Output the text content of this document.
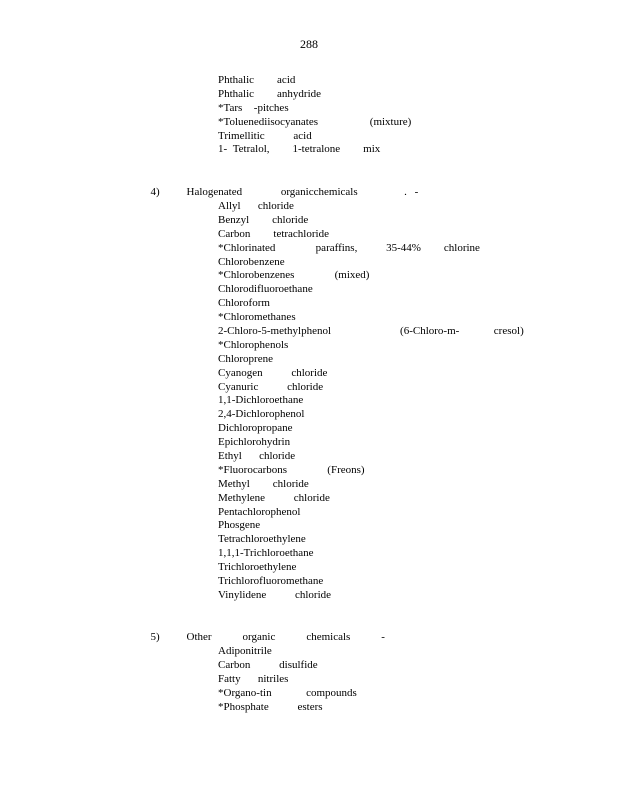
288
Phthalic    acid
Phthalic    anhydride
*Tars  -pitches
*Toluenediisocyanates         (mixture)
Trimellitic     acid
1- Tetralol,    1-tetralone    mix

4) Halogenated     organicchemicals      . -

Allyl   chloride
Benzyl    chloride
Carbon    tetrachloride
*Chlorinated       paraffins,     35-44%    chlorine
Chlorobenzene
*Chlorobenzenes       (mixed)
Chlorodifluoroethane
Chloroform
*Chloromethanes
2-Chloro-5-methylphenol            (6-Chloro-m-      cresol)
*Chlorophenols
Chloroprene
Cyanogen     chloride
Cyanuric     chloride
1,1-Dichloroethane
2,4-Dichlorophenol
Dichloropropane
Epichlorohydrin
Ethyl   chloride
*Fluorocarbons       (Freons)
Methyl    chloride
Methylene     chloride
Pentachlorophenol
Phosgene
Tetrachloroethylene
1,1,1-Trichloroethane
Trichloroethylene
Trichlorofluoromethane
Vinylidene     chloride

5) Other    organic    chemicals    -

Adiponitrile
Carbon     disulfide
Fatty   nitriles
*Organo-tin      compounds
*Phosphate     esters
